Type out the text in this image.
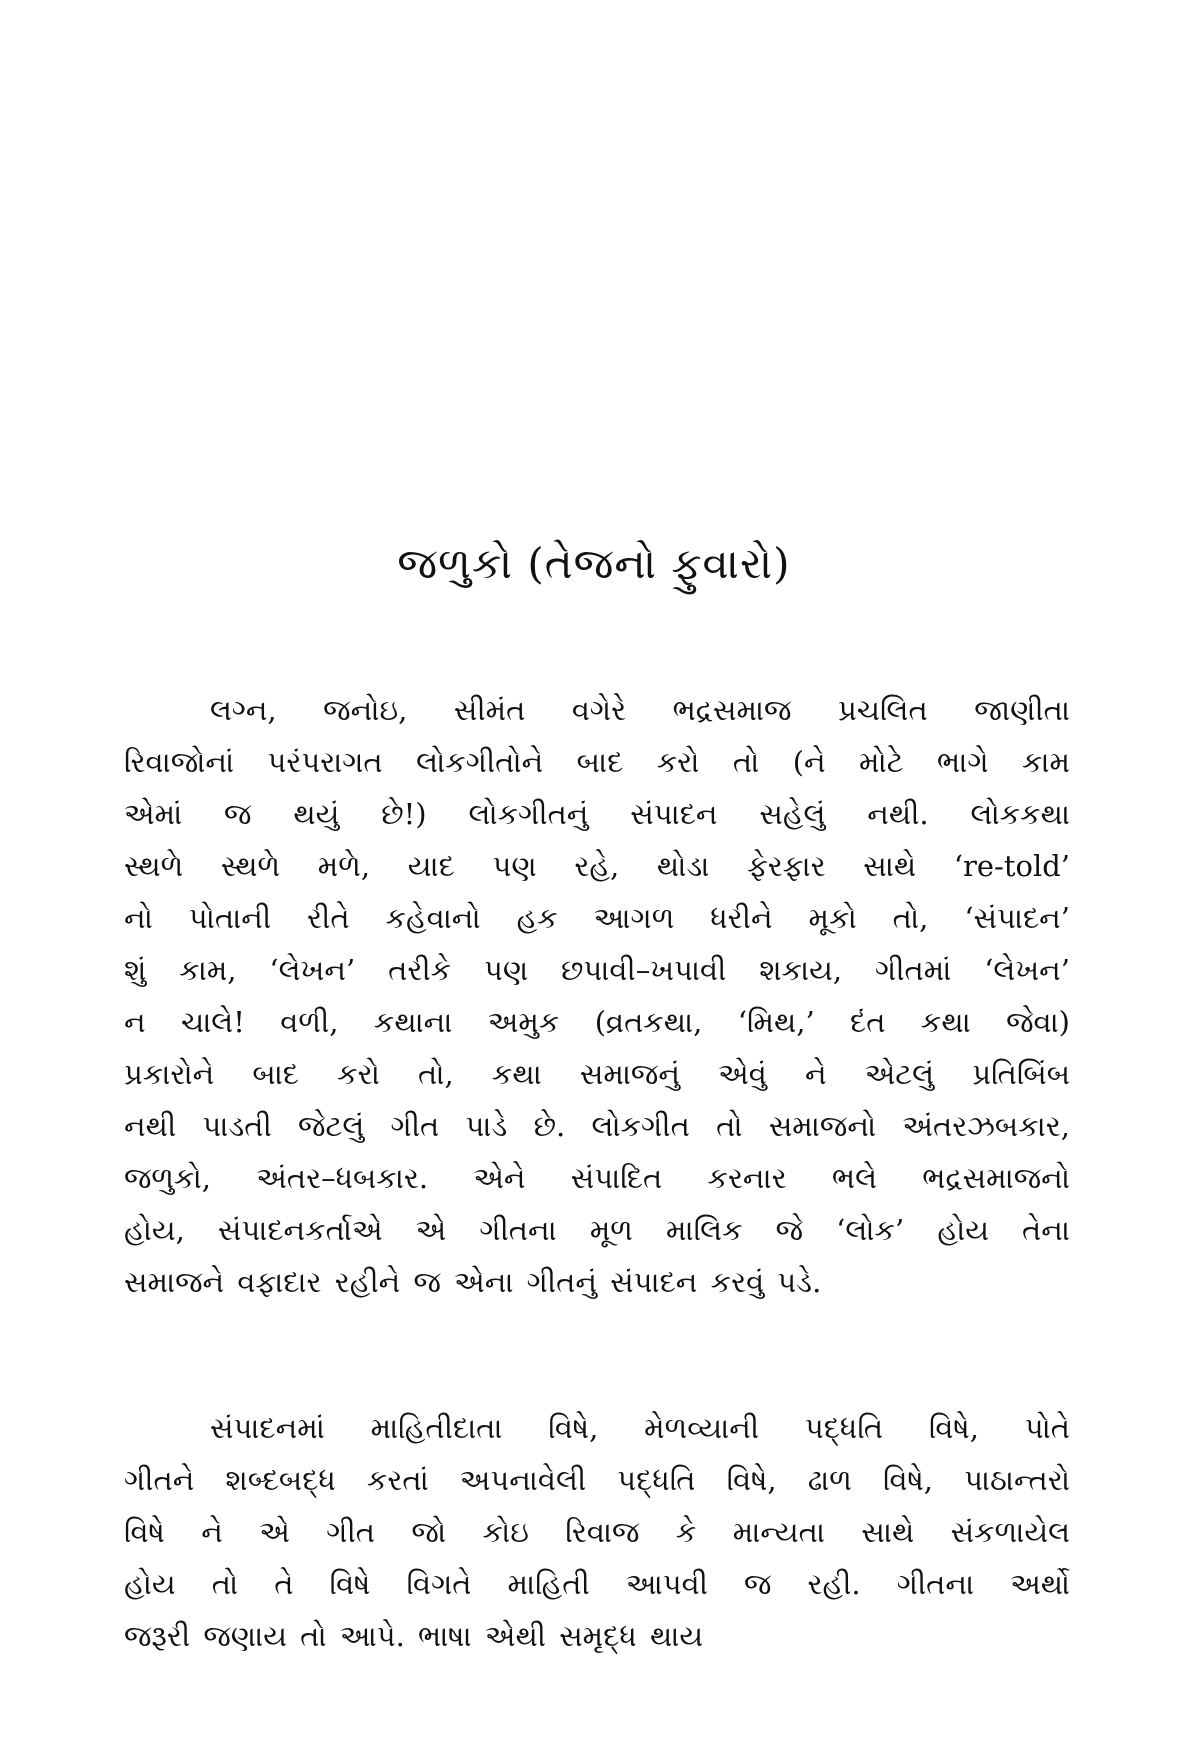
જળુકો (તેજનો ફુવારો)
લગ્ન, જનોઇ, સીમંત વગેરે ભદ્રસમાજ પ્રચલિત જાણીતા
રિવાજોનાં પરંપરાગત લોકગીતોને બાદ કરો તો (ને મોટે ભાગે કામ
એમાં જ થયું છે!) લોકગીતનું સંપાદન સહેલું નથી. લોકકથા
સ્થળે સ્થળે મળે, યાદ પણ રહે, થોડા ફેરફાર સાથે ‘re-told’
નો પોતાની રીતે કહેવાનો હક આગળ ધરીને મૂકો તો, ‘સંપાદન’
શું કામ, ‘લેખન’ તરીકે પણ છપાવી–ખપાવી શકાય, ગીતમાં ‘લેખન’
ન ચાલે! વળી, કથાના અમુક (વ્રતકથા, ‘મિથ,’ દંત કથા જેવા)
પ્રકારોને બાદ કરો તો, કથા સમાજનું એવું ને એટલું પ્રતિબિંબ
નથી પાડતી જેટલું ગીત પાડે છે. લોકગીત તો સમાજનો અંતરઝબકાર,
જળુકો, અંતર–ધબકાર. એને સંપાદિત કરનાર ભલે ભદ્રસમાજનો
હોય, સંપાદનકર્તાએ એ ગીતના મૂળ માલિક જે ‘લોક’ હોય તેના
સમાજને વફાદાર રહીને જ એના ગીતનું સંપાદન કરવું પડે.
સંપાદનમાં માહિતીદાતા વિષે, મેળવ્યાની પદ્ધતિ વિષે, પોતે
ગીતને શબ્દબદ્ધ કરતાં અપનાવેલી પદ્ધતિ વિષે, ઢાળ વિષે, પાઠાન્તરો
વિષે ને એ ગીત જો કોઇ રિવાજ કે માન્યતા સાથે સંકળાયેલ
હોય તો તે વિષે વિગતે માહિતી આપવી જ રહી. ગીતના અર્થો
જરૂરી જણાય તો આપે. ભાષા એથી સમૃદ્ધ થાય
